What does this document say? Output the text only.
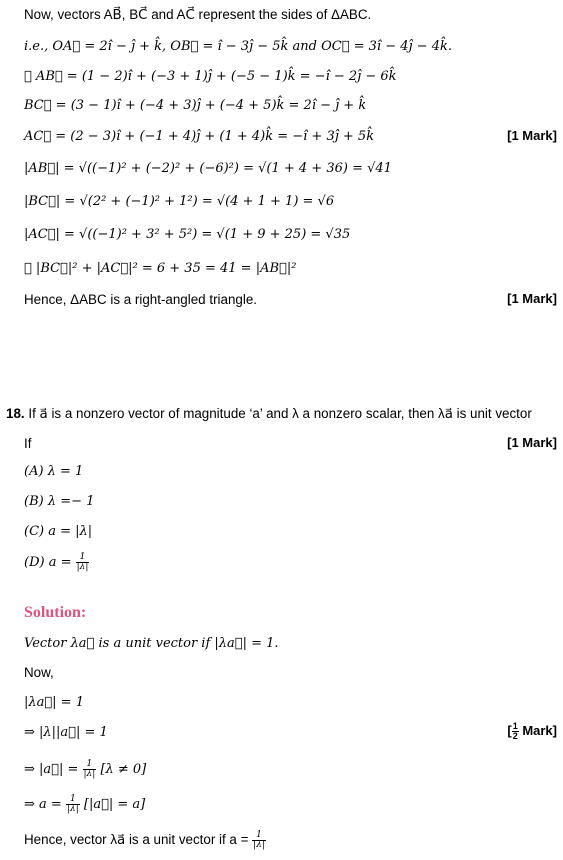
Now, vectors AB⃗, BC⃗ and AC⃗ represent the sides of ΔABC.
i.e., OA⃗ = 2î − ĵ + k̂, OB⃗ = î − 3ĵ − 5k̂ and OC⃗ = 3î − 4ĵ − 4k̂.
∴ AB⃗ = (1 − 2)î + (−3 + 1)ĵ + (−5 − 1)k̂ = −î − 2ĵ − 6k̂
BC⃗ = (3 − 1)î + (−4 + 3)ĵ + (−4 + 5)k̂ = 2î − ĵ + k̂
AC⃗ = (2 − 3)î + (−1 + 4)ĵ + (1 + 4)k̂ = −î + 3ĵ + 5k̂	[1 Mark]
|AB⃗| = √((−1)² + (−2)² + (−6)²) = √(1 + 4 + 36) = √41
|BC⃗| = √(2² + (−1)² + 1²) = √(4 + 1 + 1) = √6
|AC⃗| = √((−1)² + 3² + 5²) = √(1 + 9 + 25) = √35
∴ |BC⃗|² + |AC⃗|² = 6 + 35 = 41 = |AB⃗|²
Hence, ΔABC is a right-angled triangle.	[1 Mark]
18. If a⃗ is a nonzero vector of magnitude ‘a’ and λ a nonzero scalar, then λa⃗ is unit vector
If	[1 Mark]
(A) λ = 1
(B) λ =− 1
(C) a = |λ|
(D) $a = \frac{1}{|\lambda|}$
Solution:
Vector λa⃗ is a unit vector if |λa⃗| = 1.
Now,
|λa⃗| = 1
⇒ |λ||a⃗| = 1	[ $\frac{1}{2}$ Mark]
⇒ |a⃗| = $\frac{1}{|\lambda|} [\lambda \ne 0]$
⇒ $a = \frac{1}{|\lambda|}$ [|a⃗| = a]
Hence, vector λa⃗ is a unit vector if $a = \frac{1}{|\lambda|}$
